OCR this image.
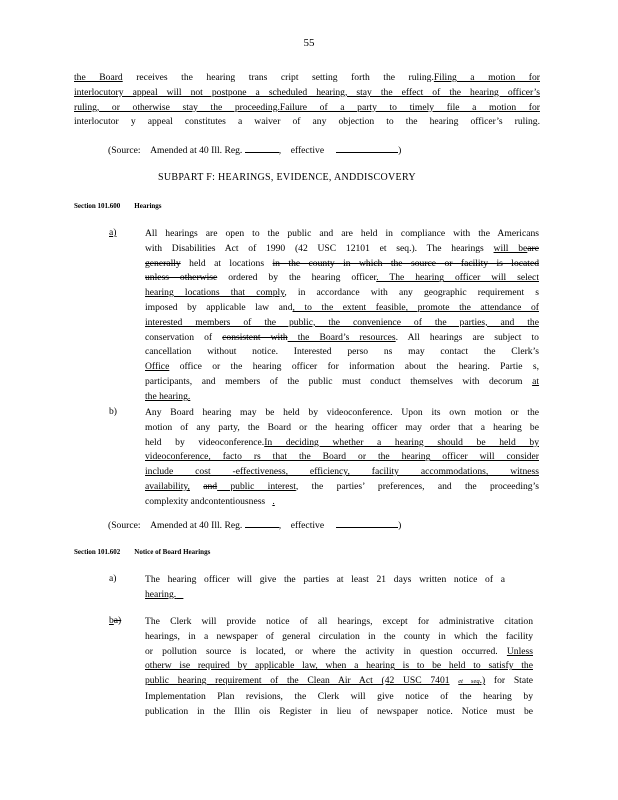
55
the Board receives the hearing trans cript setting forth the ruling.Filing a motion for
interlocutory appeal will not postpone a scheduled hearing, stay the effect of the hearing officer’s
ruling, or otherwise stay the proceeding.Failure of a party to timely file a motion for
interlocutor y appeal constitutes a waiver of any objection to the hearing officer’s ruling.
(Source: Amended at 40 Ill. Reg.	, effective	)
SUBPART F: HEARINGS, EVIDENCE, ANDDISCOVERY
Section 101.600 Hearings
a)	All hearings are open to the public and are held in compliance with the Americans
with Disabilities Act of 1990 (42 USC 12101 et seq.). The hearings will beare
generally held at locations in the county in which the source or facility is located
unless otherwise ordered by the hearing officer. The hearing officer will select
hearing locations that comply, in accordance with any geographic requirement s
imposed by applicable law and, to the extent feasible, promote the attendance of
interested members of the public, the convenience of the parties, and the
conservation of consistent with the Board’s resources. All hearings are subject to
cancellation without notice. Interested perso ns may contact the Clerk’s
Office office or the hearing officer for information about the hearing. Partie s,
participants, and members of the public must conduct themselves with decorum at
the hearing.
b)	Any Board hearing may be held by videoconference. Upon its own motion or the
motion of any party, the Board or the hearing officer may order that a hearing be
held by videoconference.In deciding whether a hearing should be held by
videoconference, facto rs that the Board or the hearing officer will consider
include cost -effectiveness, efficiency, facility accommodations, witness
availability, and public interest, the parties’ preferences, and the proceeding’s
complexity andcontentiousness .
(Source: Amended at 40 Ill. Reg.	, effective	)
Section 101.602 Notice of Board Hearings
a)	The hearing officer will give the parties at least 21 days written notice of a
hearing.
ba) The Clerk will provide notice of all hearings, except for administrative citation
hearings, in a newspaper of general circulation in the county in which the facility
or pollution source is located, or where the activity in question occurred. Unless
otherw ise required by applicable law, when a hearing is to be held to satisfy the
public hearing requirement of the Clean Air Act (42 USC 7401 et seq.) for State
Implementation Plan revisions, the Clerk will give notice of the hearing by
publication in the Illin ois Register in lieu of newspaper notice. Notice must be
